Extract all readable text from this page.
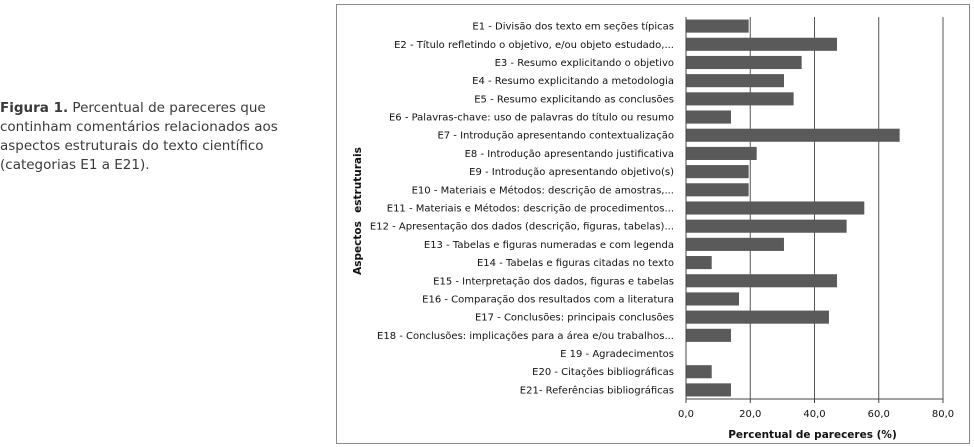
Figura 1. Percentual de pareceres que continham comentários relacionados aos aspectos estruturais do texto científico (categorias E1 a E21).
E1 - Divisão dos texto em seções típicas
E2 - Título refletindo o objetivo, e/ou objeto estudado,...
E3 - Resumo explicitando o objetivo
E4 - Resumo explicitando a metodologia
E5 - Resumo explicitando as conclusões
E6 - Palavras-chave: uso de palavras do título ou resumo
E7 - Introdução apresentando contextualização
E8 - Introdução apresentando justificativa
E9 - Introdução apresentando objetivo(s)
E10 - Materiais e Métodos: descrição de amostras,...
E11 - Materiais e Métodos: descrição de procedimentos...
E12 - Apresentação dos dados (descrição, figuras, tabelas)...
E13 - Tabelas e figuras numeradas e com legenda
E14 - Tabelas e figuras citadas no texto
E15 - Interpretação dos dados, figuras e tabelas
E16 - Comparação dos resultados com a literatura
E17 - Conclusões: principais conclusões
E18 - Conclusões: implicações para a área e/ou trabalhos...
E 19 - Agradecimentos
E20 - Citações bibliográficas
E21- Referências bibliográficas
0,0	20,0	40,0	60,0	80,0
Percentual de pareceres (%)
Aspectos
estruturais
